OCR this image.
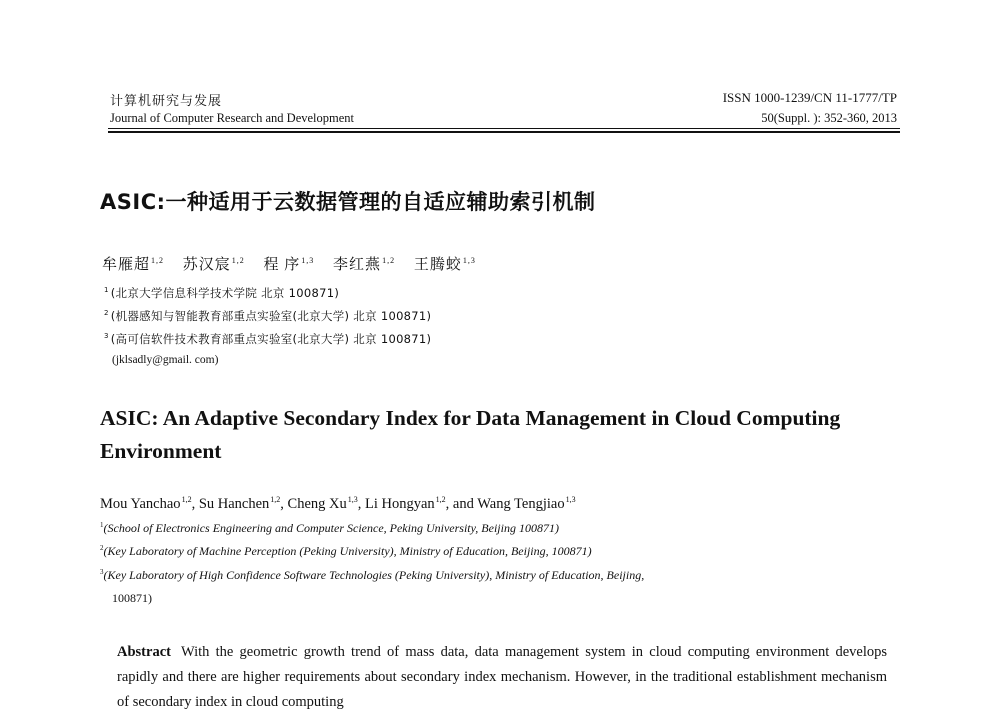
计算机研究与发展
Journal of Computer Research and Development
ISSN 1000-1239/CN 11-1777/TP
50(Suppl. ): 352-360, 2013
ASIC:一种适用于云数据管理的自适应辅助索引机制
牟雁超$^{1,2}$ 苏汉宸$^{1,2}$ 程 序$^{1,3}$ 李红燕$^{1,2}$ 王腾蛟$^{1,3}$
$^1$ (北京大学信息科学技术学院 北京 100871)
$^2$ (机器感知与智能教育部重点实验室(北京大学) 北京 100871)
$^3$ (高可信软件技术教育部重点实验室(北京大学) 北京 100871)
(jklsadly@gmail. com)
ASIC: An Adaptive Secondary Index for Data Management in Cloud Computing Environment
Mou Yanchao$^{1,2}$, Su Hanchen$^{1,2}$, Cheng Xu$^{1,3}$, Li Hongyan$^{1,2}$, and Wang Tengjiao$^{1,3}$
$^1$(School of Electronics Engineering and Computer Science, Peking University, Beijing 100871)
$^2$(Key Laboratory of Machine Perception (Peking University), Ministry of Education, Beijing, 100871)
$^3$(Key Laboratory of High Confidence Software Technologies (Peking University), Ministry of Education, Beijing,
100871)
Abstract With the geometric growth trend of mass data, data management system in cloud computing environment develops rapidly and there are higher requirements about secondary index mechanism. However, in the traditional establishment mechanism of secondary index in cloud computing
